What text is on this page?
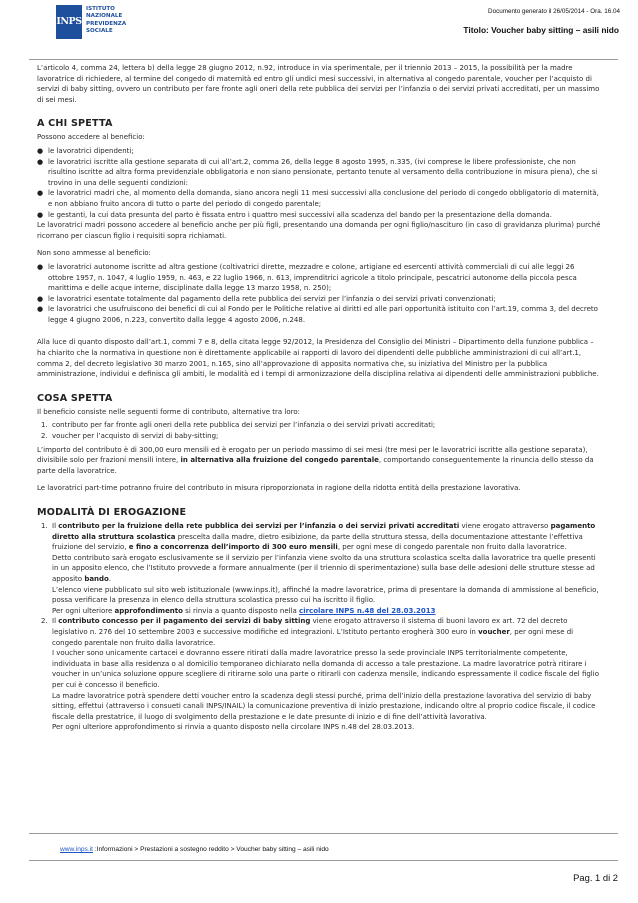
INPS
ISTITUTO
NAZIONALE
PREVIDENZA
SOCIALE
Documento generato il 26/05/2014 - Ora. 16.04
Titolo: Voucher baby sitting – asili nido

L’articolo 4, comma 24, lettera b) della legge 28 giugno 2012, n.92, introduce in via sperimentale, per il triennio 2013 – 2015, la possibilità per la madre lavoratrice di richiedere, al termine del congedo di maternità ed entro gli undici mesi successivi, in alternativa al congedo parentale, voucher per l’acquisto di servizi di baby sitting, ovvero un contributo per fare fronte agli oneri della rete pubblica dei servizi per l’infanzia o dei servizi privati accreditati, per un massimo di sei mesi.

A CHI SPETTA

Possono accedere al beneficio:

● le lavoratrici dipendenti;
● le lavoratrici iscritte alla gestione separata di cui all’art.2, comma 26, della legge 8 agosto 1995, n.335, (ivi comprese le libere professioniste, che non risultino iscritte ad altra forma previdenziale obbligatoria e non siano pensionate, pertanto tenute al versamento della contribuzione in misura piena), che si trovino in una delle seguenti condizioni:
● le lavoratrici madri che, al momento della domanda, siano ancora negli 11 mesi successivi alla conclusione del periodo di congedo obbligatorio di maternità, e non abbiano fruito ancora di tutto o parte del periodo di congedo parentale;
● le gestanti, la cui data presunta del parto è fissata entro i quattro mesi successivi alla scadenza del bando per la presentazione della domanda.

Le lavoratrici madri possono accedere al beneficio anche per più figli, presentando una domanda per ogni figlio/nascituro (in caso di gravidanza plurima) purché ricorrano per ciascun figlio i requisiti sopra richiamati.

Non sono ammesse al beneficio:

● le lavoratrici autonome iscritte ad altra gestione (coltivatrici dirette, mezzadre e colone, artigiane ed esercenti attività commerciali di cui alle leggi 26 ottobre 1957, n. 1047, 4 luglio 1959, n. 463, e 22 luglio 1966, n. 613, imprenditrici agricole a titolo principale, pescatrici autonome della piccola pesca marittima e delle acque interne, disciplinate dalla legge 13 marzo 1958, n. 250);
● le lavoratrici esentate totalmente dal pagamento della rete pubblica dei servizi per l’infanzia o dei servizi privati convenzionati;
● le lavoratrici che usufruiscono dei benefici di cui al Fondo per le Politiche relative ai diritti ed alle pari opportunità istituito con l’art.19, comma 3, del decreto legge 4 giugno 2006, n.223, convertito dalla legge 4 agosto 2006, n.248.

Alla luce di quanto disposto dall’art.1, commi 7 e 8, della citata legge 92/2012, la Presidenza del Consiglio dei Ministri – Dipartimento della funzione pubblica – ha chiarito che la normativa in questione non è direttamente applicabile ai rapporti di lavoro dei dipendenti delle pubbliche amministrazioni di cui all’art.1, comma 2, del decreto legislativo 30 marzo 2001, n.165, sino all’approvazione di apposita normativa che, su iniziativa del Ministro per la pubblica amministrazione, individui e definisca gli ambiti, le modalità ed i tempi di armonizzazione della disciplina relativa ai dipendenti delle amministrazioni pubbliche.

COSA SPETTA

Il beneficio consiste nelle seguenti forme di contributo, alternative tra loro:

1. contributo per far fronte agli oneri della rete pubblica dei servizi per l’infanzia o dei servizi privati accreditati;
2. voucher per l’acquisto di servizi di baby-sitting;

L’importo del contributo è di 300,00 euro mensili ed è erogato per un periodo massimo di sei mesi (tre mesi per le lavoratrici iscritte alla gestione separata), divisibile solo per frazioni mensili intere, in alternativa alla fruizione del congedo parentale, comportando conseguentemente la rinuncia dello stesso da parte della lavoratrice.

Le lavoratrici part-time potranno fruire del contributo in misura riproporzionata in ragione della ridotta entità della prestazione lavorativa.

MODALITÀ DI EROGAZIONE
1. Il contributo per la fruizione della rete pubblica dei servizi per l’infanzia o dei servizi privati accreditati viene erogato attraverso pagamento diretto alla struttura scolastica prescelta dalla madre, dietro esibizione, da parte della struttura stessa, della documentazione attestante l’effettiva fruizione del servizio, e fino a concorrenza dell’importo di 300 euro mensili, per ogni mese di congedo parentale non fruito dalla lavoratrice.

Detto contributo sarà erogato esclusivamente se il servizio per l’infanzia viene svolto da una struttura scolastica scelta dalla lavoratrice tra quelle presenti in un apposito elenco, che l’Istituto provvede a formare annualmente (per il triennio di sperimentazione) sulla base delle adesioni delle strutture stesse ad apposito bando.

L’elenco viene pubblicato sul sito web istituzionale (www.inps.it), affinché la madre lavoratrice, prima di presentare la domanda di ammissione al beneficio, possa verificare la presenza in elenco della struttura scolastica presso cui ha iscritto il figlio.

Per ogni ulteriore approfondimento si rinvia a quanto disposto nella circolare INPS n.48 del 28.03.2013

2. Il contributo concesso per il pagamento dei servizi di baby sitting viene erogato attraverso il sistema di buoni lavoro ex art. 72 del decreto legislativo n. 276 del 10 settembre 2003 e successive modifiche ed integrazioni. L’Istituto pertanto erogherà 300 euro in voucher, per ogni mese di congedo parentale non fruito dalla lavoratrice.

I voucher sono unicamente cartacei e dovranno essere ritirati dalla madre lavoratrice presso la sede provinciale INPS territorialmente competente, individuata in base alla residenza o al domicilio temporaneo dichiarato nella domanda di accesso a tale prestazione. La madre lavoratrice potrà ritirare i voucher in un’unica soluzione oppure scegliere di ritirarne solo una parte o ritirarli con cadenza mensile, indicando espressamente il codice fiscale del figlio per cui è concesso il beneficio.

La madre lavoratrice potrà spendere detti voucher entro la scadenza degli stessi purché, prima dell’inizio della prestazione lavorativa del servizio di baby sitting, effettui (attraverso i consueti canali INPS/INAIL) la comunicazione preventiva di inizio prestazione, indicando oltre al proprio codice fiscale, il codice fiscale della prestatrice, il luogo di svolgimento della prestazione e le date presunte di inizio e di fine dell’attività lavorativa.

Per ogni ulteriore approfondimento si rinvia a quanto disposto nella circolare INPS n.48 del 28.03.2013.

www.inps.it :Informazioni > Prestazioni a sostegno reddito > Voucher baby sitting – asili nido
Pag. 1 di 2
